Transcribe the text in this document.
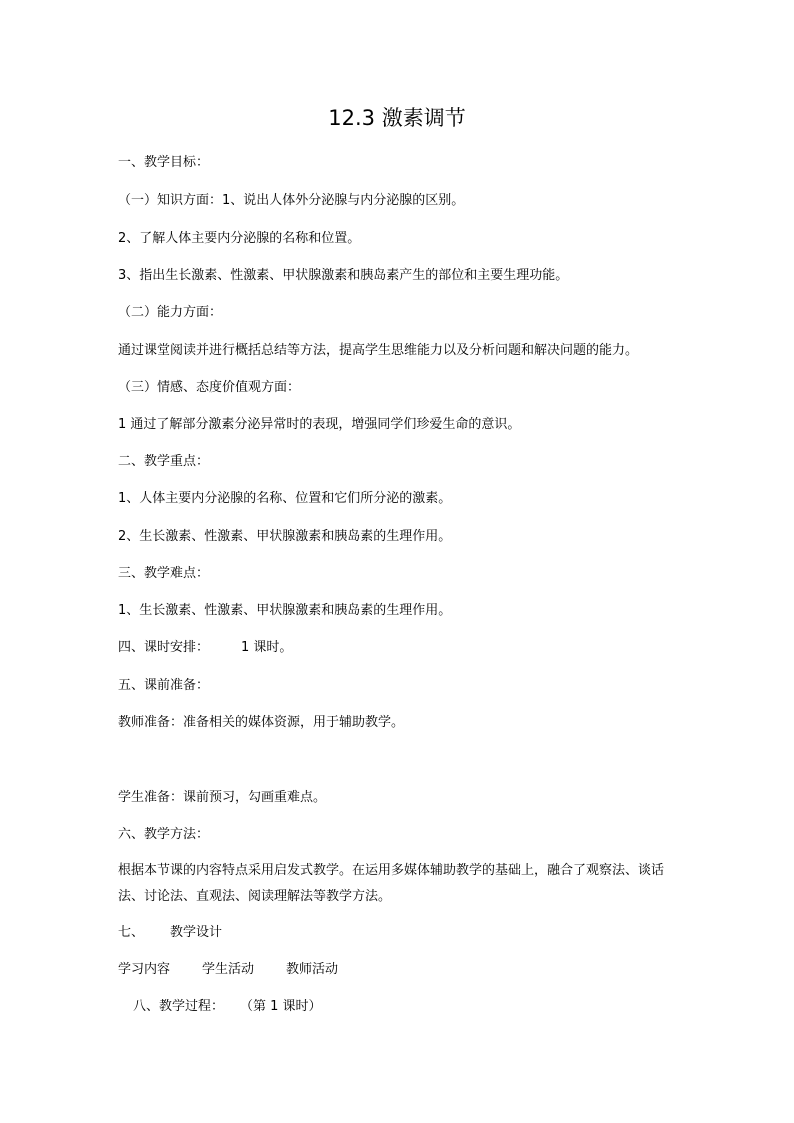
12.3 激素调节
一、教学目标：
（一）知识方面：1、说出人体外分泌腺与内分泌腺的区别。
2、了解人体主要内分泌腺的名称和位置。
3、指出生长激素、性激素、甲状腺激素和胰岛素产生的部位和主要生理功能。
（二）能力方面：
通过课堂阅读并进行概括总结等方法，提高学生思维能力以及分析问题和解决问题的能力。
（三）情感、态度价值观方面：
1 通过了解部分激素分泌异常时的表现，增强同学们珍爱生命的意识。
二、教学重点：
1、人体主要内分泌腺的名称、位置和它们所分泌的激素。
2、生长激素、性激素、甲状腺激素和胰岛素的生理作用。
三、教学难点：
1、生长激素、性激素、甲状腺激素和胰岛素的生理作用。
四、课时安排： 1 课时。
五、课前准备：
教师准备：准备相关的媒体资源，用于辅助教学。
学生准备：课前预习，勾画重难点。
六、教学方法：
根据本节课的内容特点采用启发式教学。在运用多媒体辅助教学的基础上，融合了观察法、谈话法、讨论法、直观法、阅读理解法等教学方法。
七、 教学设计
学习内容 学生活动 教师活动
八、教学过程： （第 1 课时）
